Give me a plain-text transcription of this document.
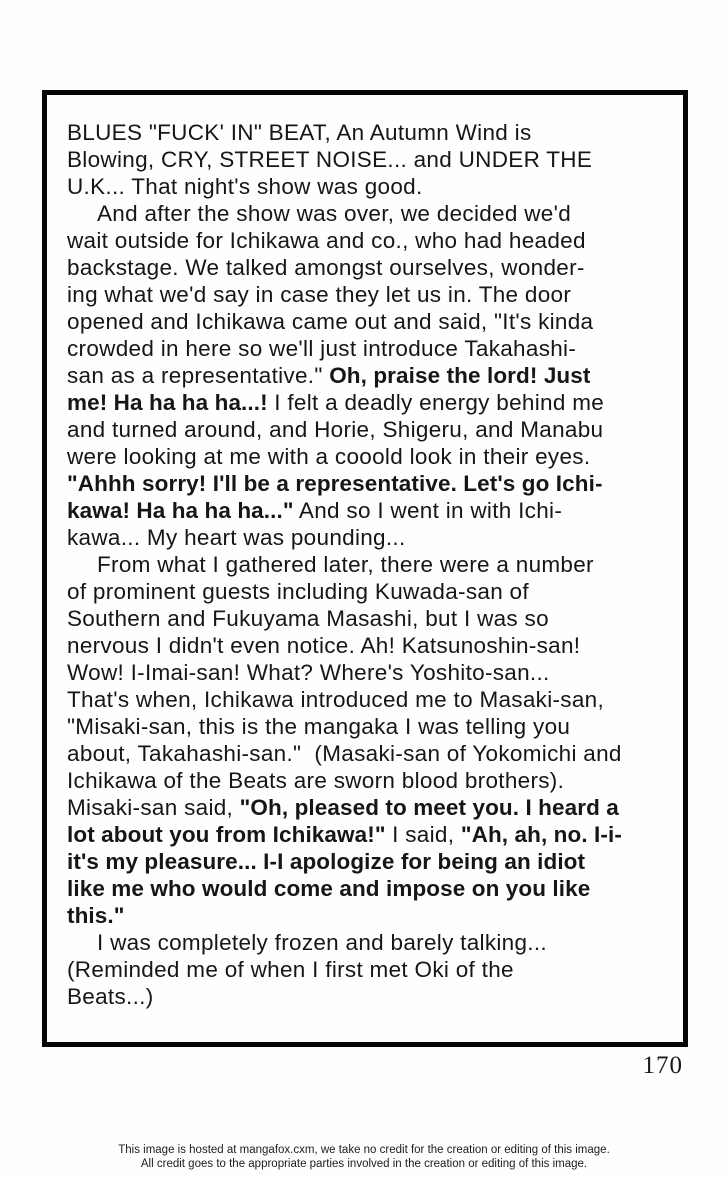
BLUES "FUCK' IN" BEAT, An Autumn Wind is
Blowing, CRY, STREET NOISE... and UNDER THE
U.K... That night's show was good.
And after the show was over, we decided we'd
wait outside for Ichikawa and co., who had headed
backstage. We talked amongst ourselves, wonder-
ing what we'd say in case they let us in. The door
opened and Ichikawa came out and said, "It's kinda
crowded in here so we'll just introduce Takahashi-
san as a representative." Oh, praise the lord! Just
me! Ha ha ha ha...! I felt a deadly energy behind me
and turned around, and Horie, Shigeru, and Manabu
were looking at me with a cooold look in their eyes.
"Ahhh sorry! I'll be a representative. Let's go Ichi-
kawa! Ha ha ha ha..." And so I went in with Ichi-
kawa... My heart was pounding...
From what I gathered later, there were a number
of prominent guests including Kuwada-san of
Southern and Fukuyama Masashi, but I was so
nervous I didn't even notice. Ah! Katsunoshin-san!
Wow! I-Imai-san! What? Where's Yoshito-san...
That's when, Ichikawa introduced me to Masaki-san,
"Misaki-san, this is the mangaka I was telling you
about, Takahashi-san."  (Masaki-san of Yokomichi and
Ichikawa of the Beats are sworn blood brothers).
Misaki-san said, "Oh, pleased to meet you. I heard a
lot about you from Ichikawa!" I said, "Ah, ah, no. I-i-
it's my pleasure... I-I apologize for being an idiot
like me who would come and impose on you like
this."
I was completely frozen and barely talking...
(Reminded me of when I first met Oki of the
Beats...)
170
This image is hosted at mangafox.cxm, we take no credit for the creation or editing of this image.
All credit goes to the appropriate parties involved in the creation or editing of this image.
